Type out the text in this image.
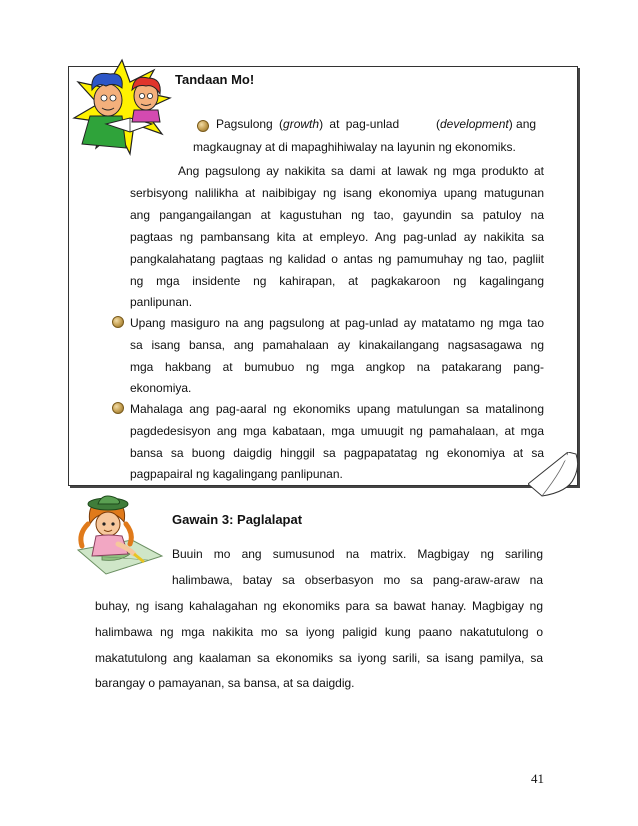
Tandaan Mo!
Pagsulong (growth) at pag-unlad	(development) ang
magkaugnay at di mapaghihiwalay na layunin ng ekonomiks.
Ang pagsulong ay nakikita sa dami at lawak ng mga produkto at
serbisyong nalilikha at naibibigay ng isang ekonomiya upang matugunan
ang pangangailangan at kagustuhan ng tao, gayundin sa patuloy na
pagtaas ng pambansang kita at empleyo. Ang pag-unlad ay nakikita sa
pangkalahatang pagtaas ng kalidad o antas ng pamumuhay ng tao, pagliit
ng mga insidente ng kahirapan, at pagkakaroon ng kagalingang
panlipunan.
Upang masiguro na ang pagsulong at pag-unlad ay matatamo ng mga tao
sa isang bansa, ang pamahalaan ay kinakailangang nagsasagawa ng
mga hakbang at bumubuo ng mga angkop na patakarang pang-
ekonomiya.
Mahalaga ang pag-aaral ng ekonomiks upang matulungan sa matalinong
pagdedesisyon ang mga kabataan, mga umuugit ng pamahalaan, at mga
bansa sa buong daigdig hinggil sa pagpapatatag ng ekonomiya at sa
pagpapairal ng kagalingang panlipunan.
Gawain 3: Paglalapat
Buuin mo ang sumusunod na matrix. Magbigay ng sariling
halimbawa, batay sa obserbasyon mo sa pang-araw-araw na
buhay, ng isang kahalagahan ng ekonomiks para sa bawat hanay. Magbigay ng
halimbawa ng mga nakikita mo sa iyong paligid kung paano nakatutulong o
makatutulong ang kaalaman sa ekonomiks sa iyong sarili, sa isang pamilya, sa
barangay o pamayanan, sa bansa, at sa daigdig.
41
